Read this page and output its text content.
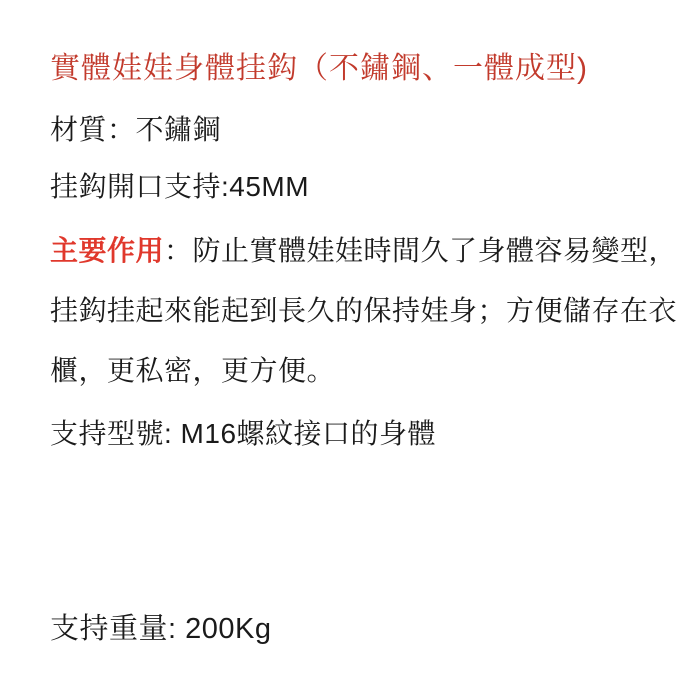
實體娃娃身體挂鈎（不鏽鋼、一體成型)
材質：不鏽鋼
挂鈎開口支持:45MM
主要作用：防止實體娃娃時間久了身體容易變型，
挂鈎挂起來能起到長久的保持娃身；方便儲存在衣
櫃，更私密，更方便。
支持型號: M16螺紋接口的身體
支持重量: 200Kg
